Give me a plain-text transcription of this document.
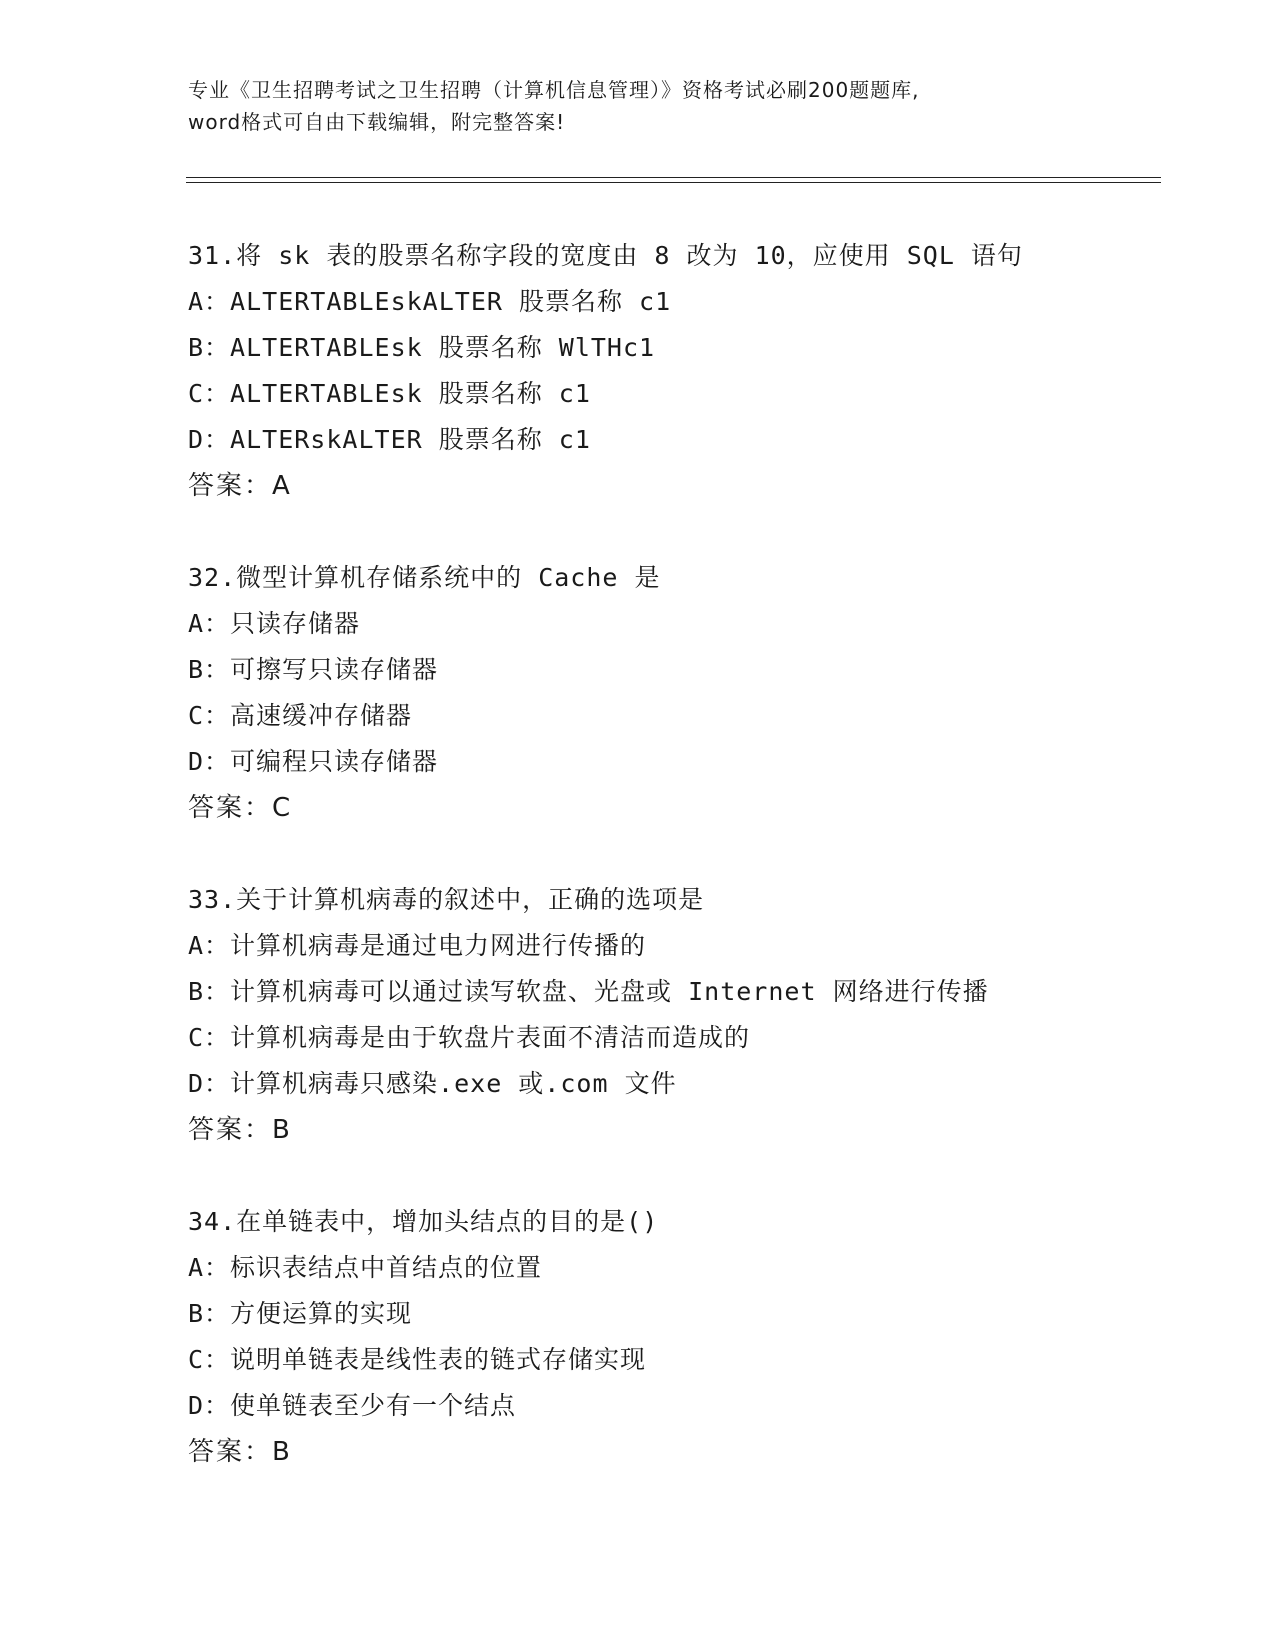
专业《卫生招聘考试之卫生招聘（计算机信息管理）》资格考试必刷200题题库,
word格式可自由下载编辑，附完整答案!
31.将 sk 表的股票名称字段的宽度由 8 改为 10，应使用 SQL 语句
A：ALTERTABLEskALTER 股票名称 c1
B：ALTERTABLEsk 股票名称 WlTHc1
C：ALTERTABLEsk 股票名称 c1
D：ALTERskALTER 股票名称 c1
答案：A
32.微型计算机存储系统中的 Cache 是
A：只读存储器
B：可擦写只读存储器
C：高速缓冲存储器
D：可编程只读存储器
答案：C
33.关于计算机病毒的叙述中，正确的选项是
A：计算机病毒是通过电力网进行传播的
B：计算机病毒可以通过读写软盘、光盘或 Internet 网络进行传播
C：计算机病毒是由于软盘片表面不清洁而造成的
D：计算机病毒只感染.exe 或.com 文件
答案：B
34.在单链表中，增加头结点的目的是()
A：标识表结点中首结点的位置
B：方便运算的实现
C：说明单链表是线性表的链式存储实现
D：使单链表至少有一个结点
答案：B
